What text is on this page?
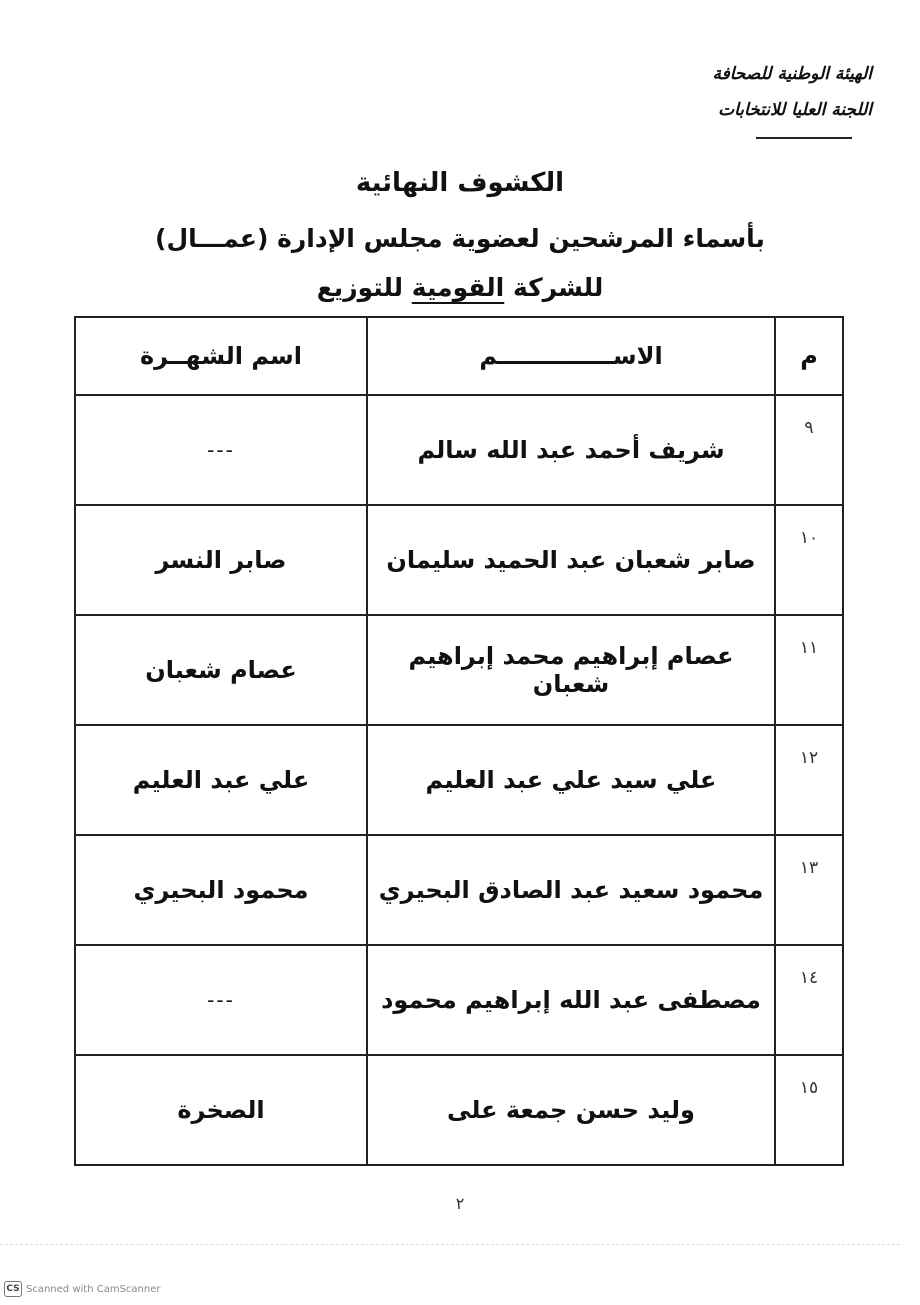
الهيئة الوطنية للصحافة
اللجنة العليا للانتخابات
الكشوف النهائية
بأسماء المرشحين لعضوية مجلس الإدارة (عمـــال)
للشركة القومية للتوزيع
م	الاســــــــــــــم	اسم الشهــرة
٩	شريف أحمد عبد الله سالم	---
١٠	صابر شعبان عبد الحميد سليمان	صابر النسر
١١	عصام إبراهيم محمد إبراهيم شعبان	عصام شعبان
١٢	علي سيد علي عبد العليم	علي عبد العليم
١٣	محمود سعيد عبد الصادق البحيري	محمود البحيري
١٤	مصطفى عبد الله إبراهيم محمود	---
١٥	وليد حسن جمعة على	الصخرة
٢
CS Scanned with CamScanner
